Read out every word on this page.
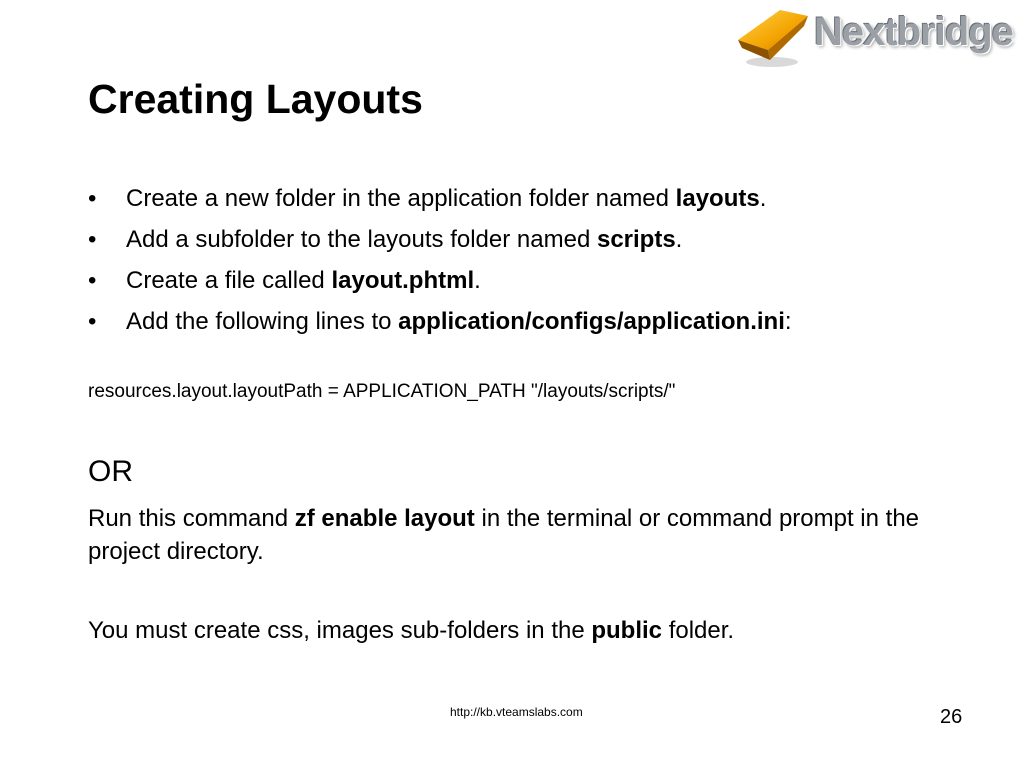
Nextbridge
Creating Layouts
• Create a new folder in the application folder named layouts.
• Add a subfolder to the layouts folder named scripts.
• Create a file called layout.phtml.
• Add the following lines to application/configs/application.ini:
resources.layout.layoutPath = APPLICATION_PATH "/layouts/scripts/"
OR
Run this command zf enable layout in the terminal or command prompt in the project directory.
You must create css, images sub-folders in the public folder.
http://kb.vteamslabs.com	26
